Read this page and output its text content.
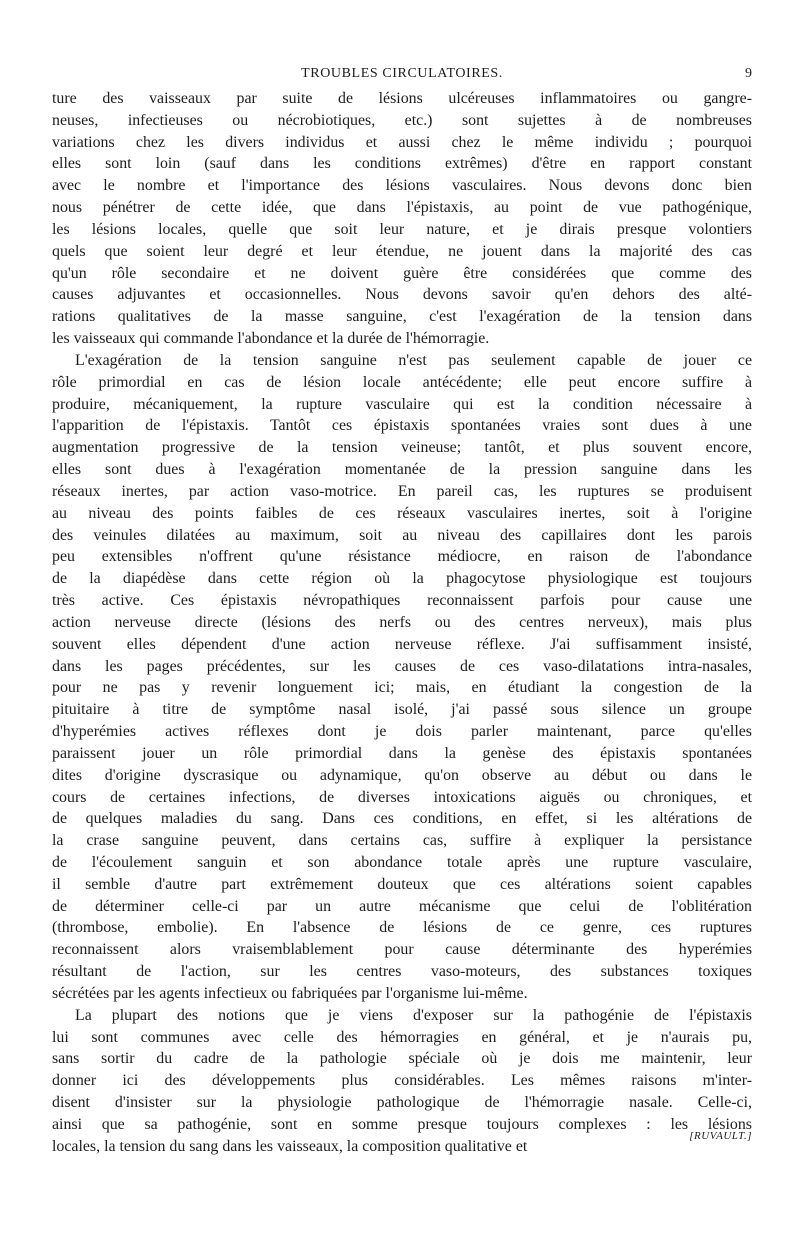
TROUBLES CIRCULATOIRES.	9
ture des vaisseaux par suite de lésions ulcéreuses inflammatoires ou gangre-
neuses, infectieuses ou nécrobiotiques, etc.) sont sujettes à de nombreuses
variations chez les divers individus et aussi chez le même individu ; pourquoi
elles sont loin (sauf dans les conditions extrêmes) d'être en rapport constant
avec le nombre et l'importance des lésions vasculaires. Nous devons donc bien
nous pénétrer de cette idée, que dans l'épistaxis, au point de vue pathogénique,
les lésions locales, quelle que soit leur nature, et je dirais presque volontiers
quels que soient leur degré et leur étendue, ne jouent dans la majorité des cas
qu'un rôle secondaire et ne doivent guère être considérées que comme des
causes adjuvantes et occasionnelles. Nous devons savoir qu'en dehors des alté-
rations qualitatives de la masse sanguine, c'est l'exagération de la tension dans
les vaisseaux qui commande l'abondance et la durée de l'hémorragie.
L'exagération de la tension sanguine n'est pas seulement capable de jouer ce
rôle primordial en cas de lésion locale antécédente; elle peut encore suffire à
produire, mécaniquement, la rupture vasculaire qui est la condition nécessaire à
l'apparition de l'épistaxis. Tantôt ces épistaxis spontanées vraies sont dues à une
augmentation progressive de la tension veineuse; tantôt, et plus souvent encore,
elles sont dues à l'exagération momentanée de la pression sanguine dans les
réseaux inertes, par action vaso-motrice. En pareil cas, les ruptures se produisent
au niveau des points faibles de ces réseaux vasculaires inertes, soit à l'origine
des veinules dilatées au maximum, soit au niveau des capillaires dont les parois
peu extensibles n'offrent qu'une résistance médiocre, en raison de l'abondance
de la diapédèse dans cette région où la phagocytose physiologique est toujours
très active. Ces épistaxis névropathiques reconnaissent parfois pour cause une
action nerveuse directe (lésions des nerfs ou des centres nerveux), mais plus
souvent elles dépendent d'une action nerveuse réflexe. J'ai suffisamment insisté,
dans les pages précédentes, sur les causes de ces vaso-dilatations intra-nasales,
pour ne pas y revenir longuement ici; mais, en étudiant la congestion de la
pituitaire à titre de symptôme nasal isolé, j'ai passé sous silence un groupe
d'hyperémies actives réflexes dont je dois parler maintenant, parce qu'elles
paraissent jouer un rôle primordial dans la genèse des épistaxis spontanées
dites d'origine dyscrasique ou adynamique, qu'on observe au début ou dans le
cours de certaines infections, de diverses intoxications aiguës ou chroniques, et
de quelques maladies du sang. Dans ces conditions, en effet, si les altérations de
la crase sanguine peuvent, dans certains cas, suffire à expliquer la persistance
de l'écoulement sanguin et son abondance totale après une rupture vasculaire,
il semble d'autre part extrêmement douteux que ces altérations soient capables
de déterminer celle-ci par un autre mécanisme que celui de l'oblitération
(thrombose, embolie). En l'absence de lésions de ce genre, ces ruptures
reconnaissent alors vraisemblablement pour cause déterminante des hyperémies
résultant de l'action, sur les centres vaso-moteurs, des substances toxiques
sécrétées par les agents infectieux ou fabriquées par l'organisme lui-même.
La plupart des notions que je viens d'exposer sur la pathogénie de l'épistaxis
lui sont communes avec celle des hémorragies en général, et je n'aurais pu,
sans sortir du cadre de la pathologie spéciale où je dois me maintenir, leur
donner ici des développements plus considérables. Les mêmes raisons m'inter-
disent d'insister sur la physiologie pathologique de l'hémorragie nasale. Celle-ci,
ainsi que sa pathogénie, sont en somme presque toujours complexes : les lésions
locales, la tension du sang dans les vaisseaux, la composition qualitative et
[RUVAULT.]
